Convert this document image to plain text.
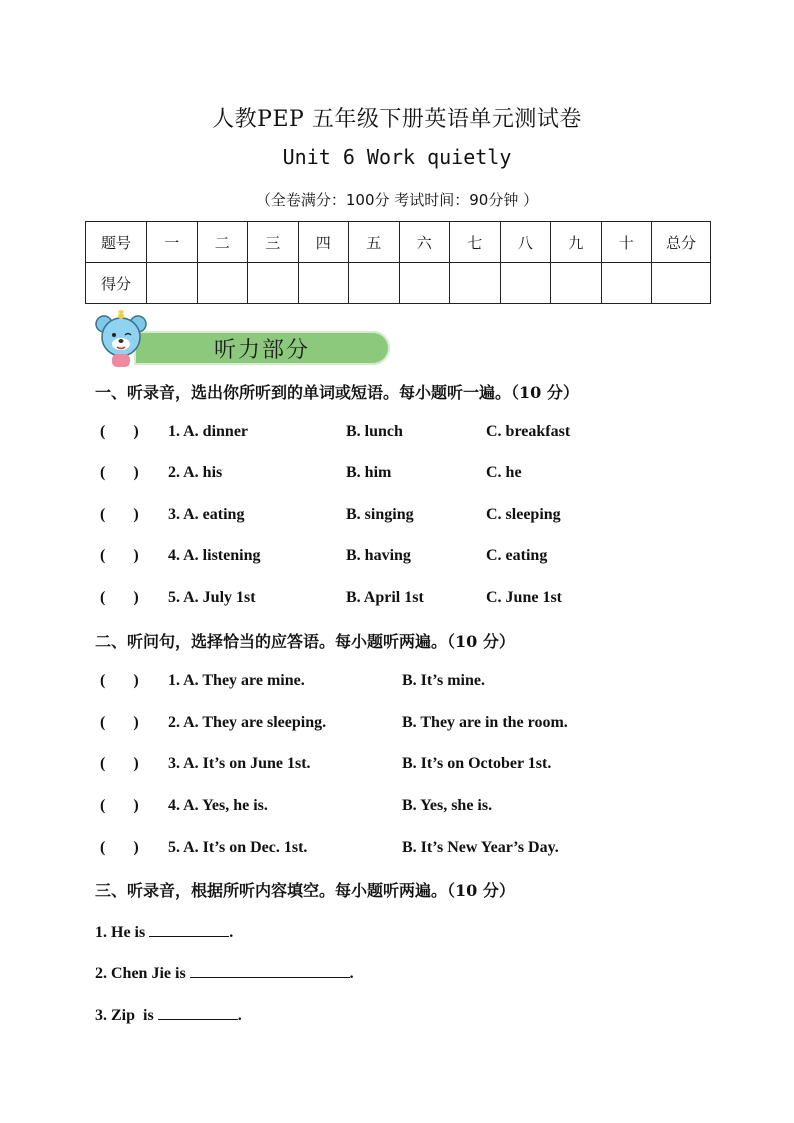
人教PEP 五年级下册英语单元测试卷
Unit 6 Work quietly
（全卷满分：100分 考试时间：90分钟 ）
题号	一	二	三	四	五	六	七	八	九	十	总分
得分											
听力部分
一、听录音，选出你所听到的单词或短语。每小题听一遍。（10 分）
(       ) 1. A. dinner	B. lunch	C. breakfast
(       ) 2. A. his	B. him	C. he
(       ) 3. A. eating	B. singing	C. sleeping
(       ) 4. A. listening	B. having	C. eating
(       ) 5. A. July 1st	B. April 1st	C. June 1st
二、听问句，选择恰当的应答语。每小题听两遍。（10 分）
(       ) 1. A. They are mine.	B. It’s mine.
(       ) 2. A. They are sleeping.	B. They are in the room.
(       ) 3. A. It’s on June 1st.	B. It’s on October 1st.
(       ) 4. A. Yes, he is.	B. Yes, she is.
(       ) 5. A. It’s on Dec. 1st.	B. It’s New Year’s Day.
三、听录音，根据所听内容填空。每小题听两遍。（10 分）
1. He is	.
2. Chen Jie is	.
3. Zip  is	.
